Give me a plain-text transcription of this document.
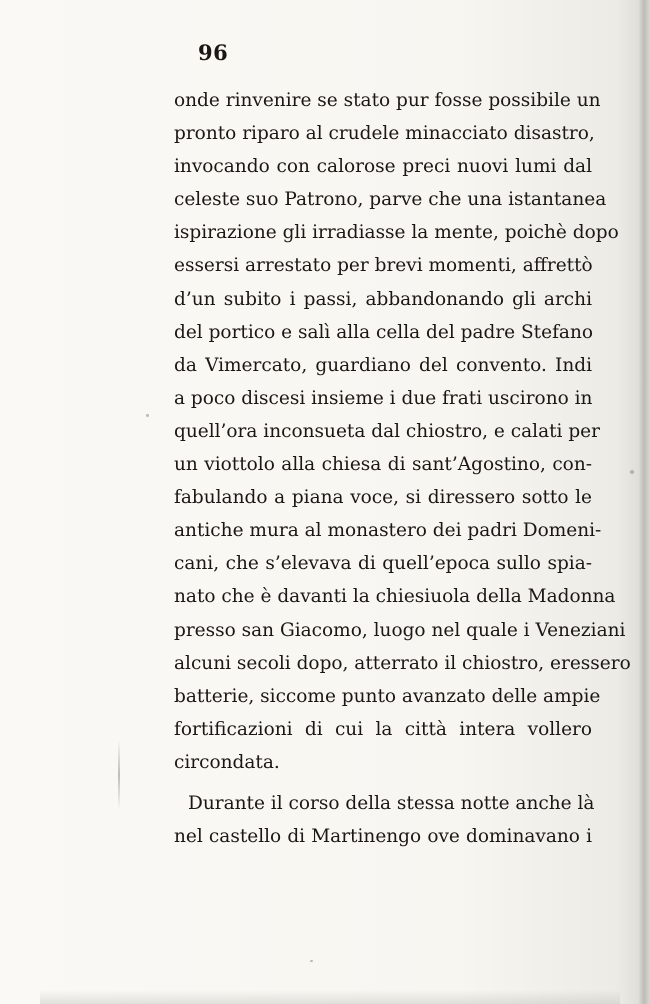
96
onde rinvenire se stato pur fosse possibile un
pronto riparo al crudele minacciato disastro,
invocando con calorose preci nuovi lumi dal
celeste suo Patrono, parve che una istantanea
ispirazione gli irradiasse la mente, poichè dopo
essersi arrestato per brevi momenti, affrettò
d’un subito i passi, abbandonando gli archi
del portico e salì alla cella del padre Stefano
da Vimercato, guardiano del convento. Indi
a poco discesi insieme i due frati uscirono in
quell’ora inconsueta dal chiostro, e calati per
un viottolo alla chiesa di sant’Agostino, con-
fabulando a piana voce, si diressero sotto le
antiche mura al monastero dei padri Domeni-
cani, che s’elevava di quell’epoca sullo spia-
nato che è davanti la chiesiuola della Madonna
presso san Giacomo, luogo nel quale i Veneziani
alcuni secoli dopo, atterrato il chiostro, eressero
batterie, siccome punto avanzato delle ampie
fortificazioni di cui la città intera vollero
circondata.
Durante il corso della stessa notte anche là
nel castello di Martinengo ove dominavano i
